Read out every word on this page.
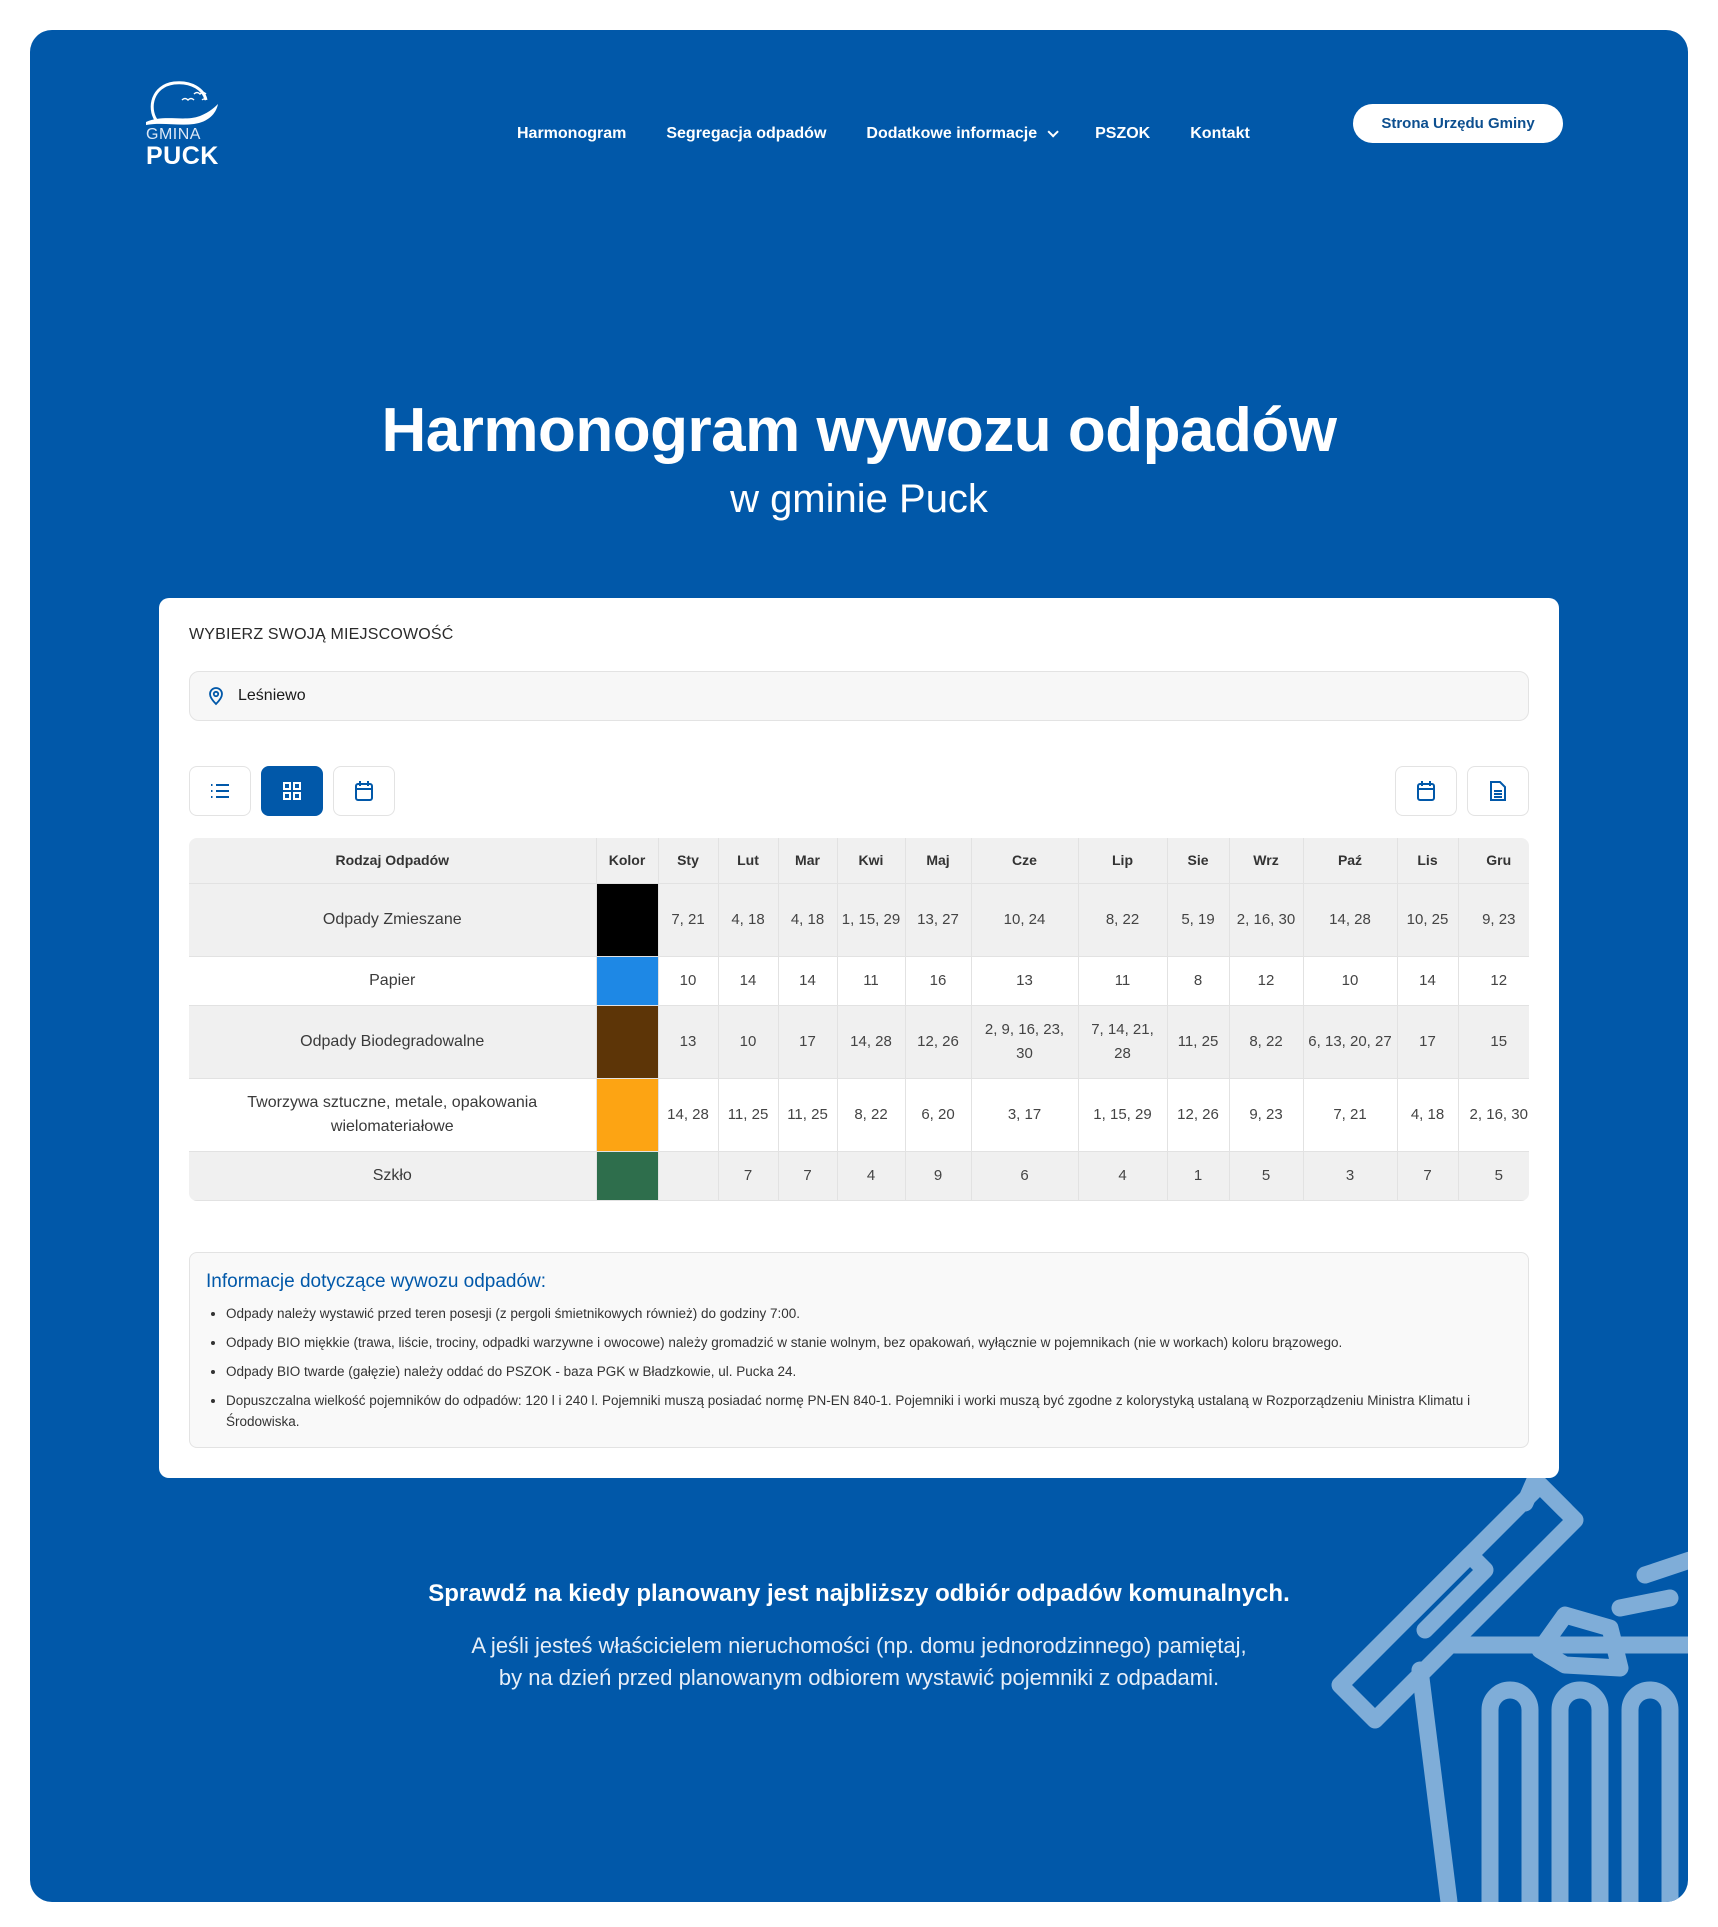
GMINA
PUCK
Harmonogram	Segregacja odpadów	Dodatkowe informacje	PSZOK	Kontakt
Strona Urzędu Gminy
Harmonogram wywozu odpadów
w gminie Puck
WYBIERZ SWOJĄ MIEJSCOWOŚĆ
Leśniewo
Rodzaj Odpadów	Kolor	Sty	Lut	Mar	Kwi	Maj	Cze	Lip	Sie	Wrz	Paź	Lis	Gru
Odpady Zmieszane		7, 21	4, 18	4, 18	1, 15, 29	13, 27	10, 24	8, 22	5, 19	2, 16, 30	14, 28	10, 25	9, 23
Papier		10	14	14	11	16	13	11	8	12	10	14	12
Odpady Biodegradowalne		13	10	17	14, 28	12, 26	2, 9, 16, 23, 30	7, 14, 21, 28	11, 25	8, 22	6, 13, 20, 27	17	15
Tworzywa sztuczne, metale, opakowania wielomateriałowe		14, 28	11, 25	11, 25	8, 22	6, 20	3, 17	1, 15, 29	12, 26	9, 23	7, 21	4, 18	2, 16, 30
Szkło			7	7	4	9	6	4	1	5	3	7	5
Informacje dotyczące wywozu odpadów:
Odpady należy wystawić przed teren posesji (z pergoli śmietnikowych również) do godziny 7:00.
Odpady BIO miękkie (trawa, liście, trociny, odpadki warzywne i owocowe) należy gromadzić w stanie wolnym, bez opakowań, wyłącznie w pojemnikach (nie w workach) koloru brązowego.
Odpady BIO twarde (gałęzie) należy oddać do PSZOK - baza PGK w Bładzkowie, ul. Pucka 24.
Dopuszczalna wielkość pojemników do odpadów: 120 l i 240 l. Pojemniki muszą posiadać normę PN-EN 840-1. Pojemniki i worki muszą być zgodne z kolorystyką ustalaną w Rozporządzeniu Ministra Klimatu i Środowiska.
Sprawdź na kiedy planowany jest najbliższy odbiór odpadów komunalnych.
A jeśli jesteś właścicielem nieruchomości (np. domu jednorodzinnego) pamiętaj,
by na dzień przed planowanym odbiorem wystawić pojemniki z odpadami.
